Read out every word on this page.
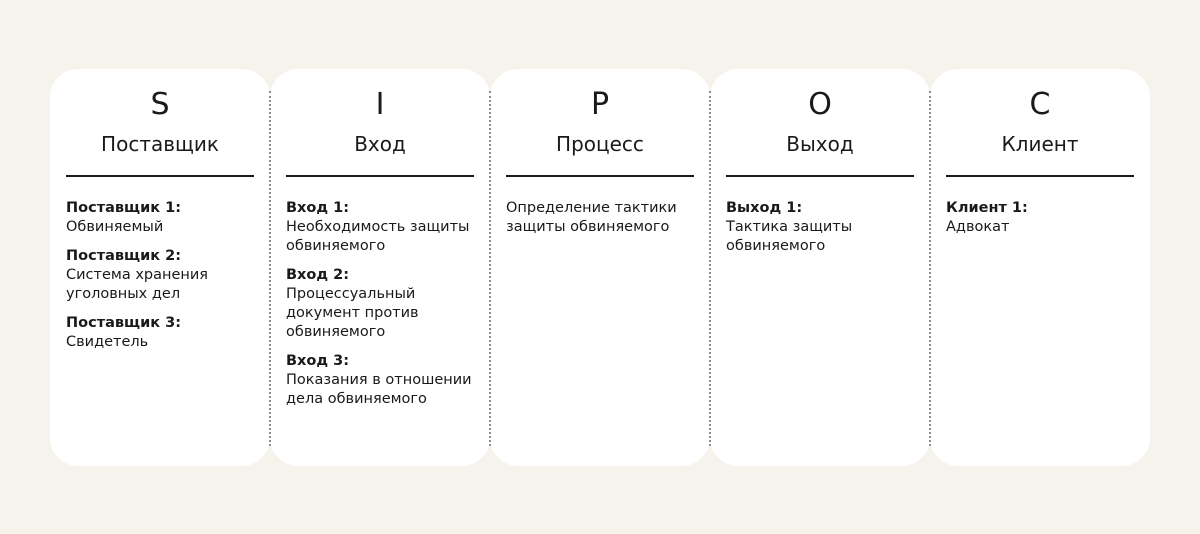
S
Поставщик
Поставщик 1:
Обвиняемый
Поставщик 2:
Система хранения
уголовных дел
Поставщик 3:
Свидетель
I
Вход
Вход 1:
Необходимость защиты
обвиняемого
Вход 2:
Процессуальный
документ против
обвиняемого
Вход 3:
Показания в отношении
дела обвиняемого
P
Процесс
Определение тактики
защиты обвиняемого
O
Выход
Выход 1:
Тактика защиты
обвиняемого
C
Клиент
Клиент 1:
Адвокат
